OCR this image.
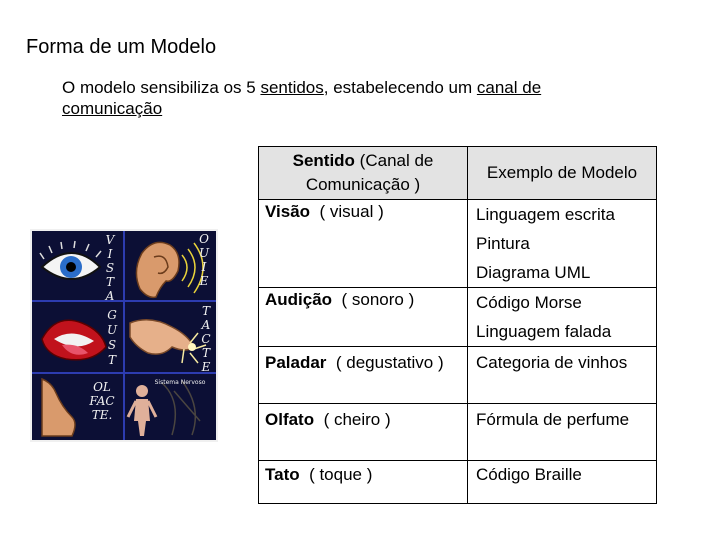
Forma de um Modelo
O modelo sensibiliza os 5 sentidos, estabelecendo um canal de comunicação
V
I
S
T
A
O
U
I
E
T
A
C
T
E
G
U
S
T
OL
FAC
TE.
Sistema Nervoso
Sentido (Canal de Comunicação )	Exemplo de Modelo
Visão ( visual )	Linguagem escrita
Pintura
Diagrama UML

Audição ( sonoro )	Código Morse
Linguagem falada

Paladar ( degustativo )	Categoria de vinhos
Olfato ( cheiro )	Fórmula de perfume
Tato ( toque )	Código Braille
